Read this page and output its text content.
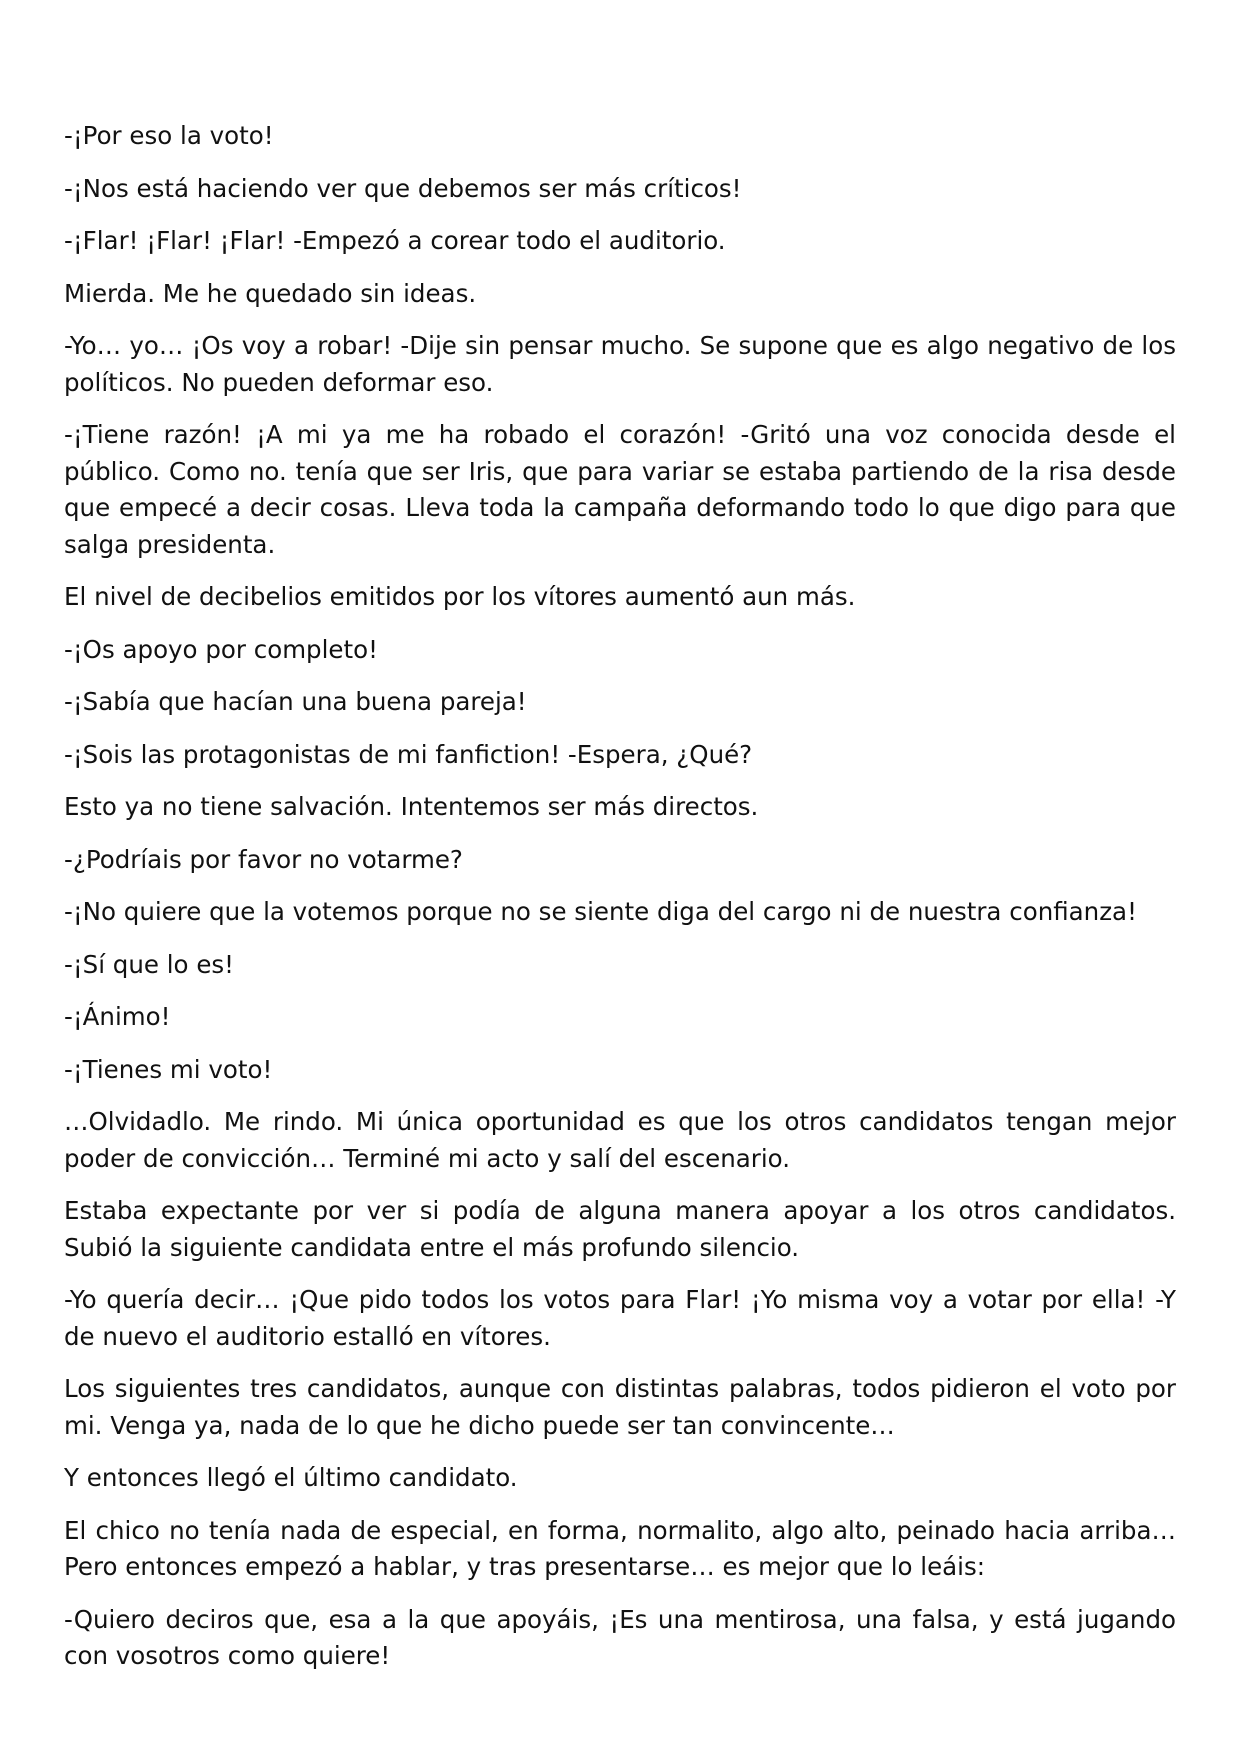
-¡Por eso la voto!

-¡Nos está haciendo ver que debemos ser más críticos!

-¡Flar! ¡Flar! ¡Flar! -Empezó a corear todo el auditorio.

Mierda. Me he quedado sin ideas.

-Yo… yo… ¡Os voy a robar! -Dije sin pensar mucho. Se supone que es algo negativo de los políticos. No pueden deformar eso.

-¡Tiene razón! ¡A mi ya me ha robado el corazón! -Gritó una voz conocida desde el público. Como no. tenía que ser Iris, que para variar se estaba partiendo de la risa desde que empecé a decir cosas. Lleva toda la campaña deformando todo lo que digo para que salga presidenta.

El nivel de decibelios emitidos por los vítores aumentó aun más.

-¡Os apoyo por completo!

-¡Sabía que hacían una buena pareja!

-¡Sois las protagonistas de mi fanfiction! -Espera, ¿Qué?

Esto ya no tiene salvación. Intentemos ser más directos.

-¿Podríais por favor no votarme?

-¡No quiere que la votemos porque no se siente diga del cargo ni de nuestra confianza!

-¡Sí que lo es!

-¡Ánimo!

-¡Tienes mi voto!

…Olvidadlo. Me rindo. Mi única oportunidad es que los otros candidatos tengan mejor poder de convicción… Terminé mi acto y salí del escenario.

Estaba expectante por ver si podía de alguna manera apoyar a los otros candidatos. Subió la siguiente candidata entre el más profundo silencio.

-Yo quería decir… ¡Que pido todos los votos para Flar! ¡Yo misma voy a votar por ella! -Y de nuevo el auditorio estalló en vítores.

Los siguientes tres candidatos, aunque con distintas palabras, todos pidieron el voto por mi. Venga ya, nada de lo que he dicho puede ser tan convincente…

Y entonces llegó el último candidato.

El chico no tenía nada de especial, en forma, normalito, algo alto, peinado hacia arriba… Pero entonces empezó a hablar, y tras presentarse… es mejor que lo leáis:

-Quiero deciros que, esa a la que apoyáis, ¡Es una mentirosa, una falsa, y está jugando con vosotros como quiere!
